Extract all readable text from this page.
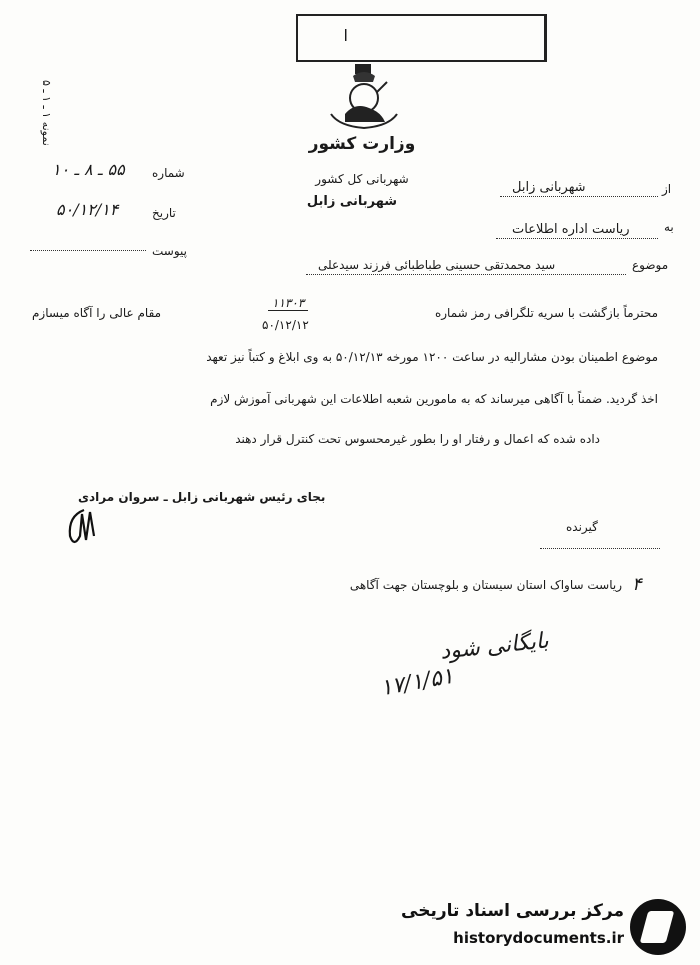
ا
وزارت کشور
شهربانی کل کشور
شهربانی زابل
نمونه ۱ ـ ۱ ـ ۵
شماره
۵۵ ـ ۸ ـ ۱۰
تاریخ
۵۰/۱۲/۱۴
پیوست
از
شهربانی زابل
به
ریاست اداره اطلاعات
موضوع
سید محمدتقی حسینی طباطبائی فرزند سیدعلی
محترماً بازگشت با سریه تلگرافی رمز شماره
۱۱۳۰۳
۵۰/۱۲/۱۲
مقام عالی را آگاه میسازم
موضوع اطمینان بودن مشارالیه در ساعت ۱۲۰۰ مورخه ۵۰/۱۲/۱۳ به وی ابلاغ و کتباً نیز تعهد
اخذ گردید. ضمناً با آگاهی میرساند که به مامورین شعبه اطلاعات این شهربانی آموزش لازم
داده شده که اعمال و رفتار او را بطور غیرمحسوس تحت کنترل قرار دهند
بجای رئیس شهربانی زابل ـ سروان مرادی
گیرنده
۴
ریاست ساواک استان سیستان و بلوچستان جهت آگاهی
بایگانی شود
۱۷/۱/۵۱
مرکز بررسی اسناد تاریخی
historydocuments.ir
